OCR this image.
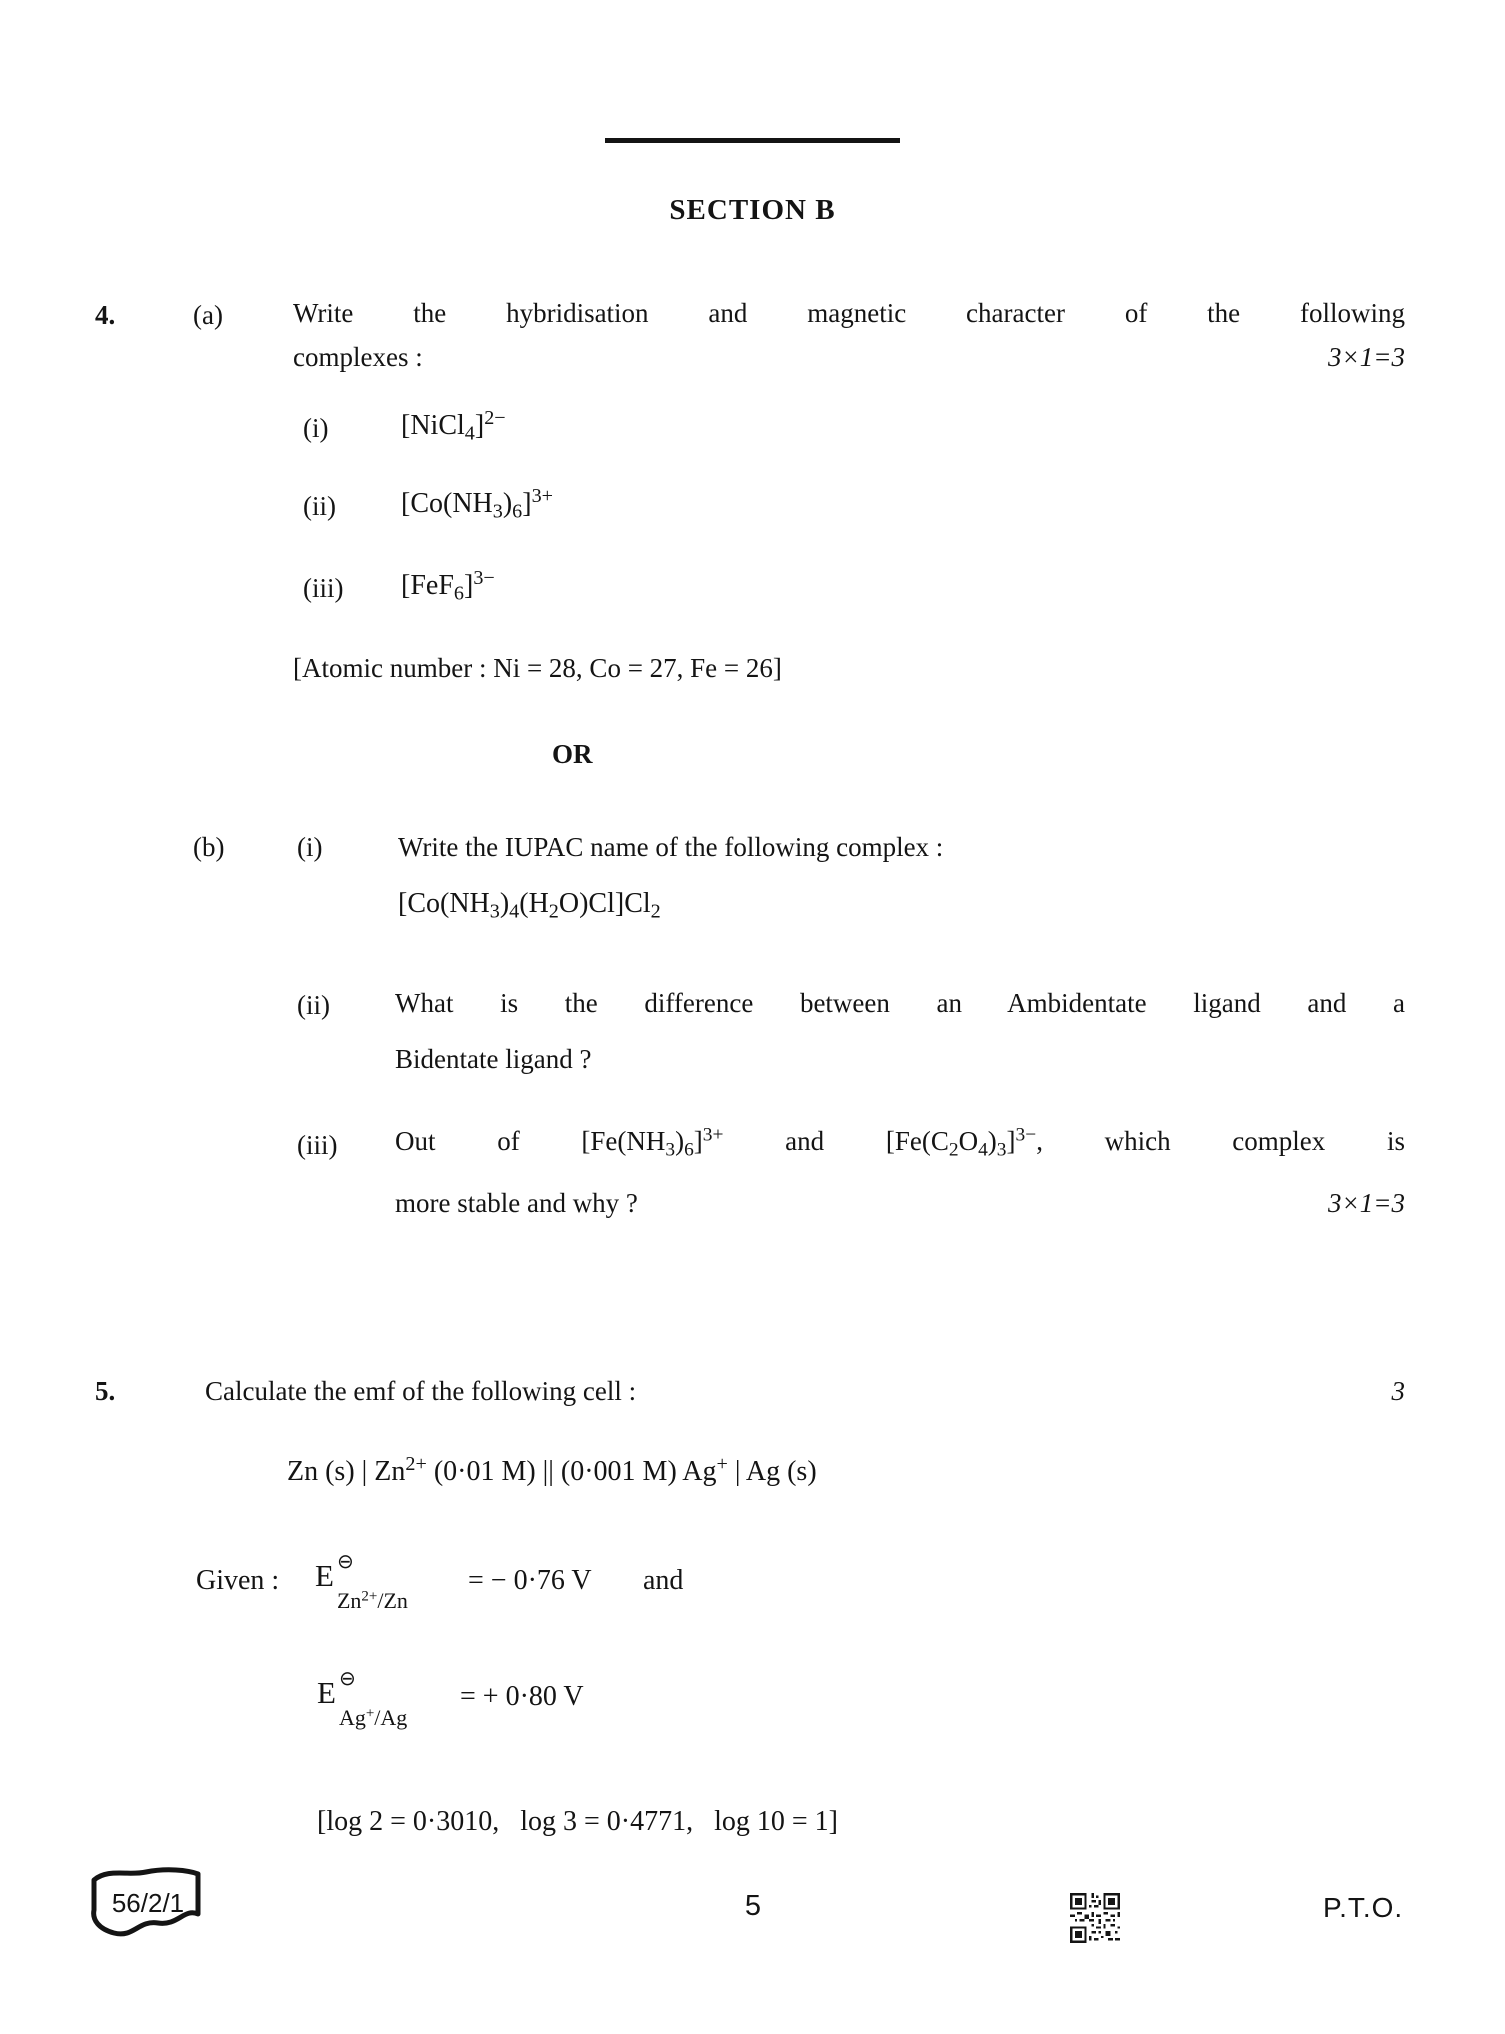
SECTION B
4.	(a)	Write the hybridisation and magnetic character of the following
complexes :	3×1=3
(i)	[NiCl$_4$]$^{2-}$
(ii) $[Co(NH_3)_6]^{3+}$
(iii) $[FeF_6]^{3-}$
[Atomic number : Ni = 28, Co = 27, Fe = 26]
OR
(b)	(i)	Write the IUPAC name of the following complex :
$[Co(NH_3)_4(H_2O)Cl]Cl_2$
(ii) What is the difference between an Ambidentate ligand and a
Bidentate ligand ?
(iii) Out of $[Fe(NH_3)_6]^{3+}$ and $[Fe(C_2O_4)_3]^{3-}$, which complex is
more stable and why ?	3×1=3
5.	Calculate the emf of the following cell :	3
Zn (s) | $Zn^{2+}$ (0·01 M) || (0·001 M) Ag+ | Ag (s)
Given : E ⊖
$Zn^{2+}/Zn$
= − 0·76 V and
E ⊖
Ag+/Ag
= + 0·80 V
[log 2 = 0·3010,  log 3 = 0·4771,  log 10 = 1]
56/2/1	5	P.T.O.
